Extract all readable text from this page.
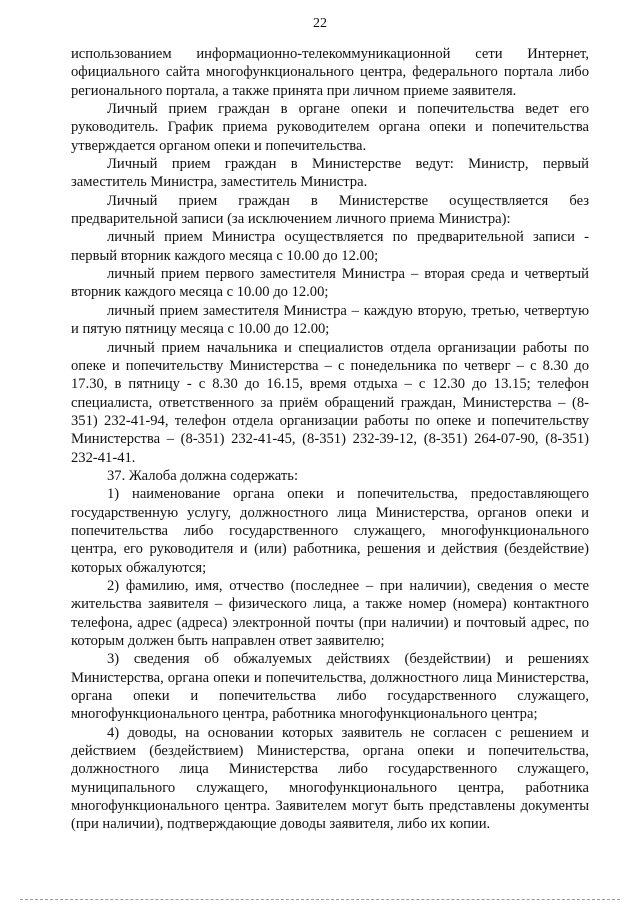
22

использованием информационно-телекоммуникационной сети Интернет, официального сайта многофункционального центра, федерального портала либо регионального портала, а также принята при личном приеме заявителя.

Личный прием граждан в органе опеки и попечительства ведет его руководитель. График приема руководителем органа опеки и попечительства утверждается органом опеки и попечительства.

Личный прием граждан в Министерстве ведут: Министр, первый заместитель Министра, заместитель Министра.

Личный прием граждан в Министерстве осуществляется без предварительной записи (за исключением личного приема Министра):

личный прием Министра осуществляется по предварительной записи - первый вторник каждого месяца с 10.00 до 12.00;

личный прием первого заместителя Министра – вторая среда и четвертый вторник каждого месяца с 10.00 до 12.00;

личный прием заместителя Министра – каждую вторую, третью, четвертую и пятую пятницу месяца с 10.00 до 12.00;

личный прием начальника и специалистов отдела организации работы по опеке и попечительству Министерства – с понедельника по четверг – с 8.30 до 17.30, в пятницу - с 8.30 до 16.15, время отдыха – с 12.30 до 13.15; телефон специалиста, ответственного за приём обращений граждан, Министерства – (8-351) 232-41-94, телефон отдела организации работы по опеке и попечительству Министерства – (8-351) 232-41-45, (8-351) 232-39-12, (8-351) 264-07-90, (8-351) 232-41-41.

37. Жалоба должна содержать:

1) наименование органа опеки и попечительства, предоставляющего государственную услугу, должностного лица Министерства, органов опеки и попечительства либо государственного служащего, многофункционального центра, его руководителя и (или) работника, решения и действия (бездействие) которых обжалуются;

2) фамилию, имя, отчество (последнее – при наличии), сведения о месте жительства заявителя – физического лица, а также номер (номера) контактного телефона, адрес (адреса) электронной почты (при наличии) и почтовый адрес, по которым должен быть направлен ответ заявителю;

3) сведения об обжалуемых действиях (бездействии) и решениях Министерства, органа опеки и попечительства, должностного лица Министерства, органа опеки и попечительства либо государственного служащего, многофункционального центра, работника многофункционального центра;

4) доводы, на основании которых заявитель не согласен с решением и действием (бездействием) Министерства, органа опеки и попечительства, должностного лица Министерства либо государственного служащего, муниципального служащего, многофункционального центра, работника многофункционального центра. Заявителем могут быть представлены документы (при наличии), подтверждающие доводы заявителя, либо их копии.
